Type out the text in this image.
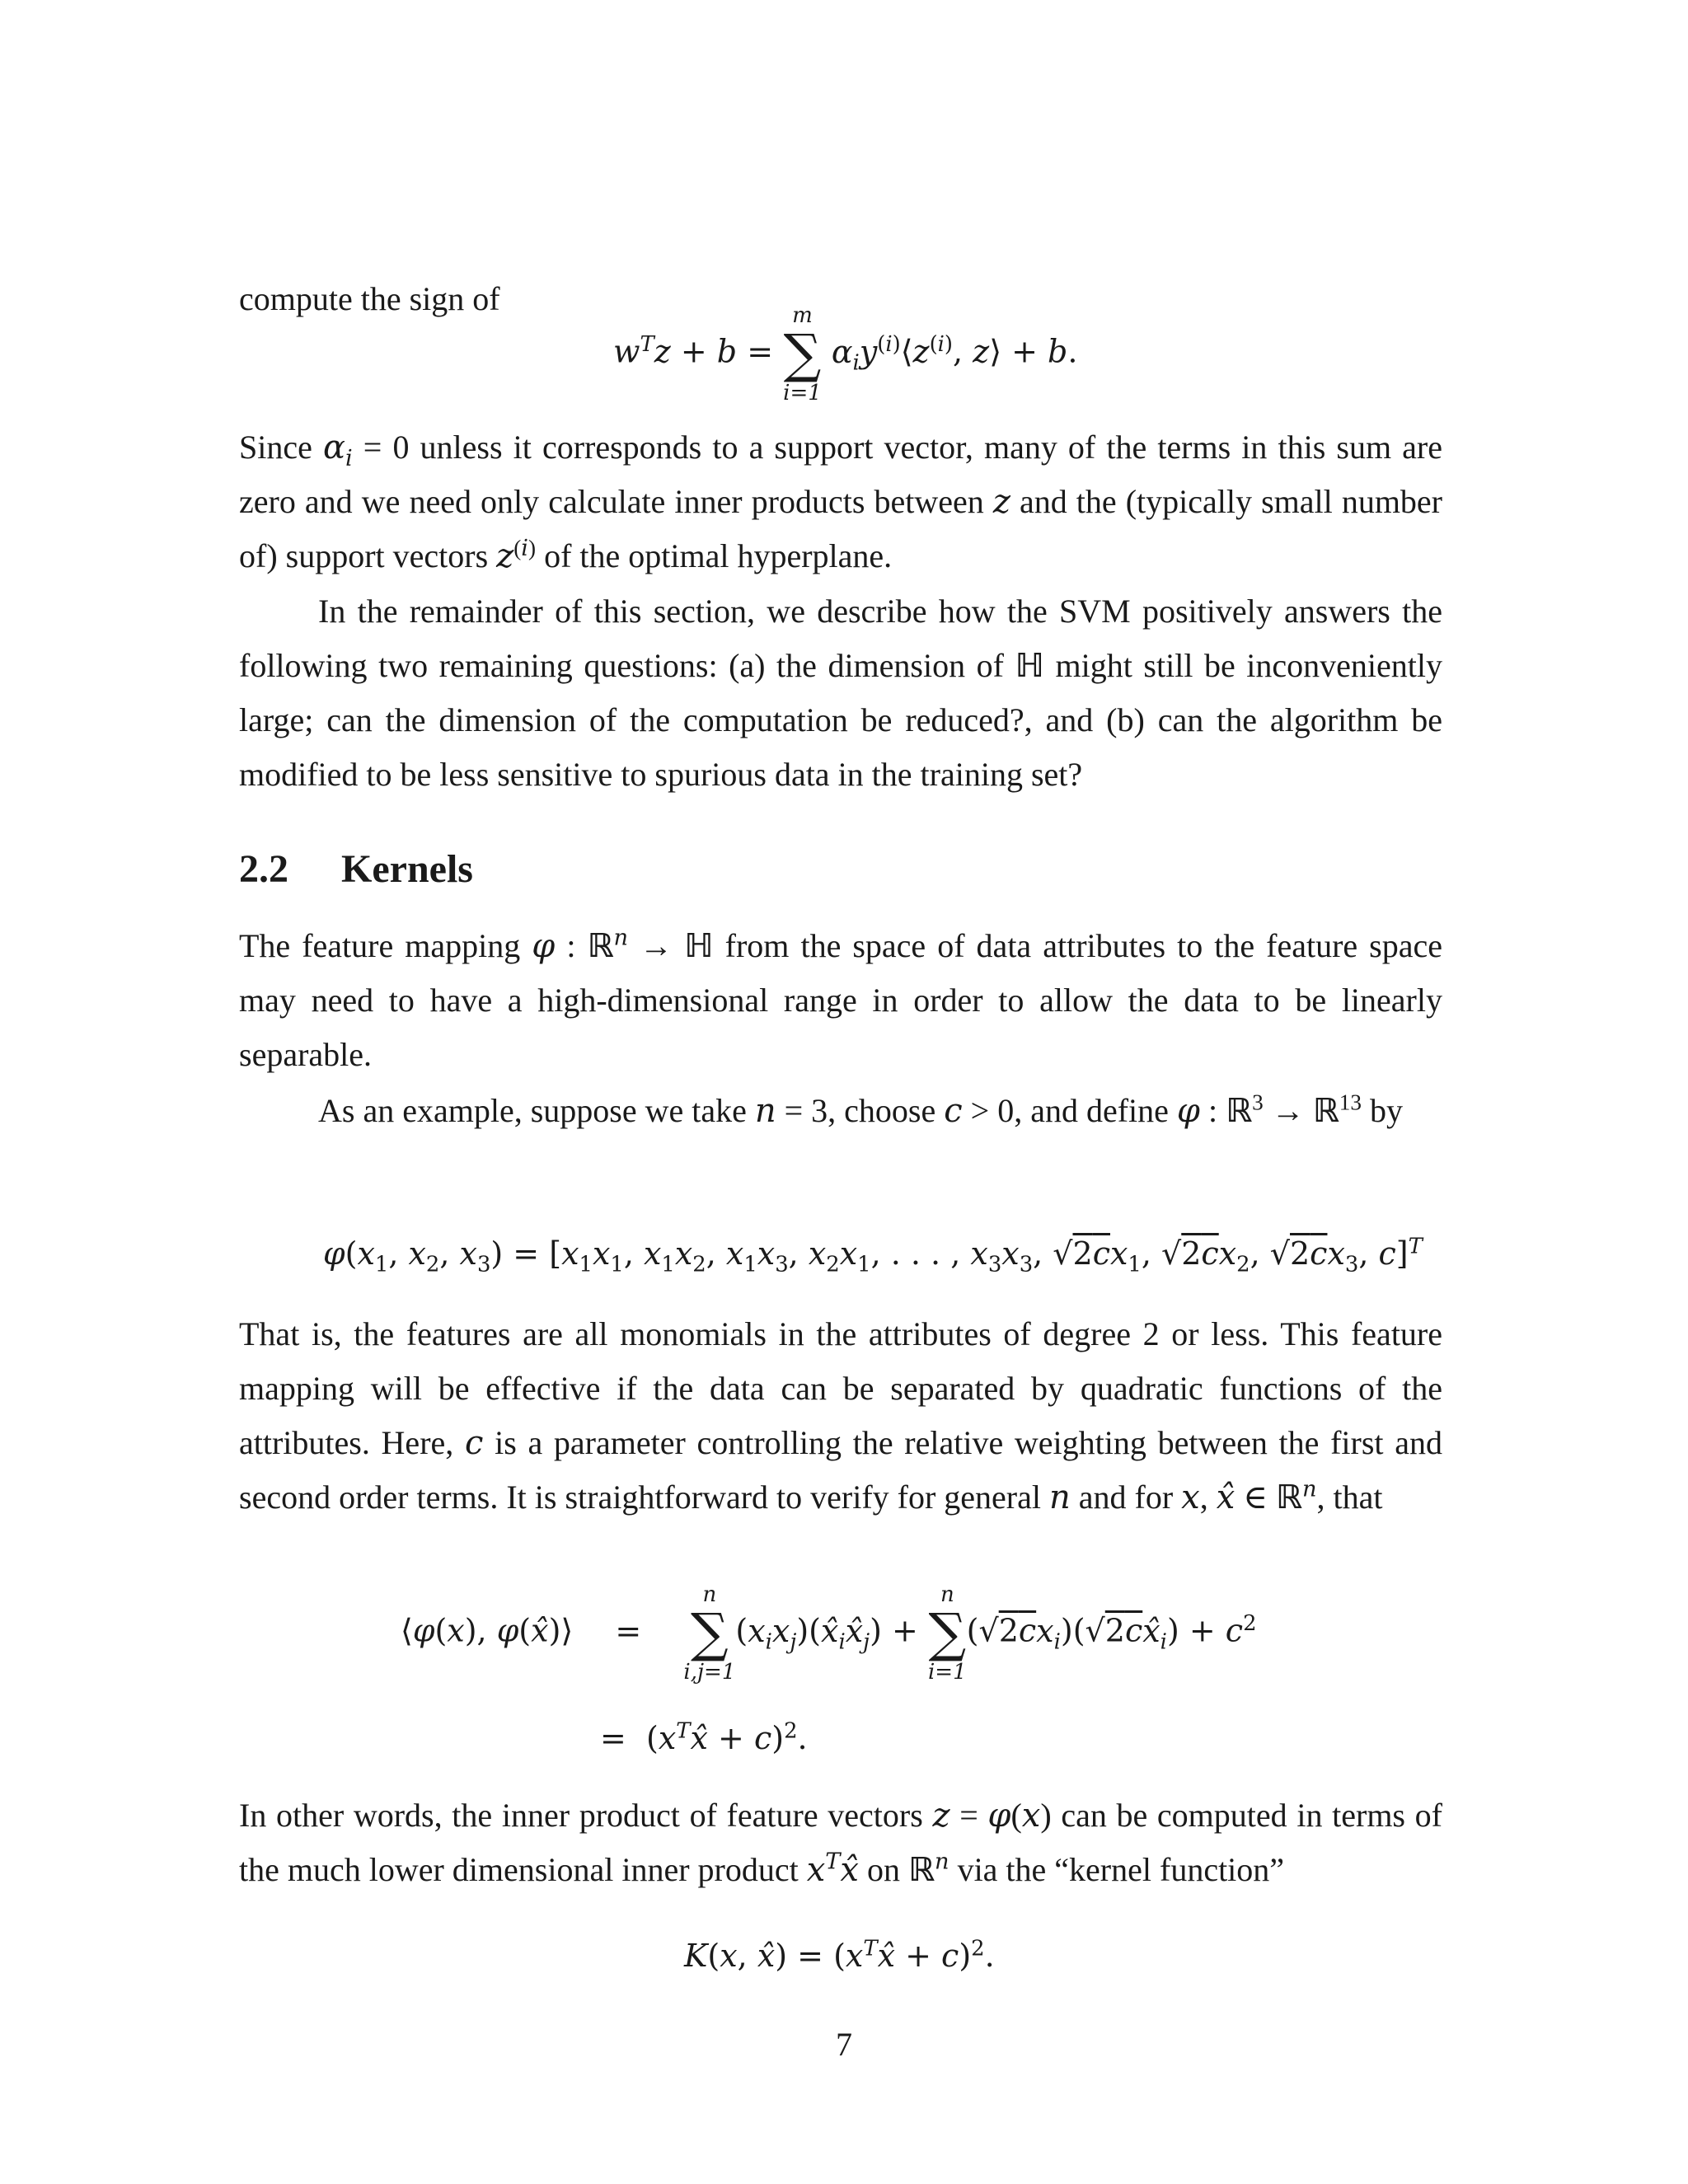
compute the sign of

$w^Tz + b$ =
m
∑
i=1
$\alpha_iy^{(i)}⟨z^{(i)}$, z⟩ + b.

Since $\alpha_i = 0$ unless it corresponds to a support vector, many of the terms in this sum are zero and we need only calculate inner products between z and the (typically small number of) support vectors $z^{(i)}$ of the optimal hyperplane.

In the remainder of this section, we describe how the SVM positively answers the following two remaining questions: (a) the dimension of ℍ might still be inconveniently large; can the dimension of the computation be reduced?, and (b) can the algorithm be modified to be less sensitive to spurious data in the training set?

2.2 Kernels

The feature mapping φ : ℝ$^n$ → ℍ from the space of data attributes to the feature space may need to have a high-dimensional range in order to allow the data to be linearly separable.

As an example, suppose we take n = 3, choose c > 0, and define φ : ℝ$^3$ → ℝ$^{13}$ by

$\varphi(x_1$, $x_2$, $x_3) = [x_1x_1$, $x_1x_2$, $x_1x_3$, $x_2x_1$, . . . , $x_3x_3$, $√2cx_1$, $√2cx_2$, $√2cx_3$, c]$^T$

That is, the features are all monomials in the attributes of degree 2 or less. This feature mapping will be effective if the data can be separated by quadratic functions of the attributes. Here, c is a parameter controlling the relative weighting between the first and second order terms. It is straightforward to verify for general n and for x, x̂ ∈ ℝ$^n$, that

⟨φ(x), φ(x̂)⟩ =
n
∑
i,j=1
$(x_ix_j)(x̂_ix̂_j)$ +
n
∑
i=1
$(√2cx_i)(√2cx̂_i) + c^2$
=  $(x^Tx̂ + c)^2$.

In other words, the inner product of feature vectors z = φ(x) can be computed in terms of the much lower dimensional inner product $x^Tx̂$ on ℝ$^n$ via the “kernel function”

K(x, x̂) = $(x^Tx̂ + c)^2$.
7
